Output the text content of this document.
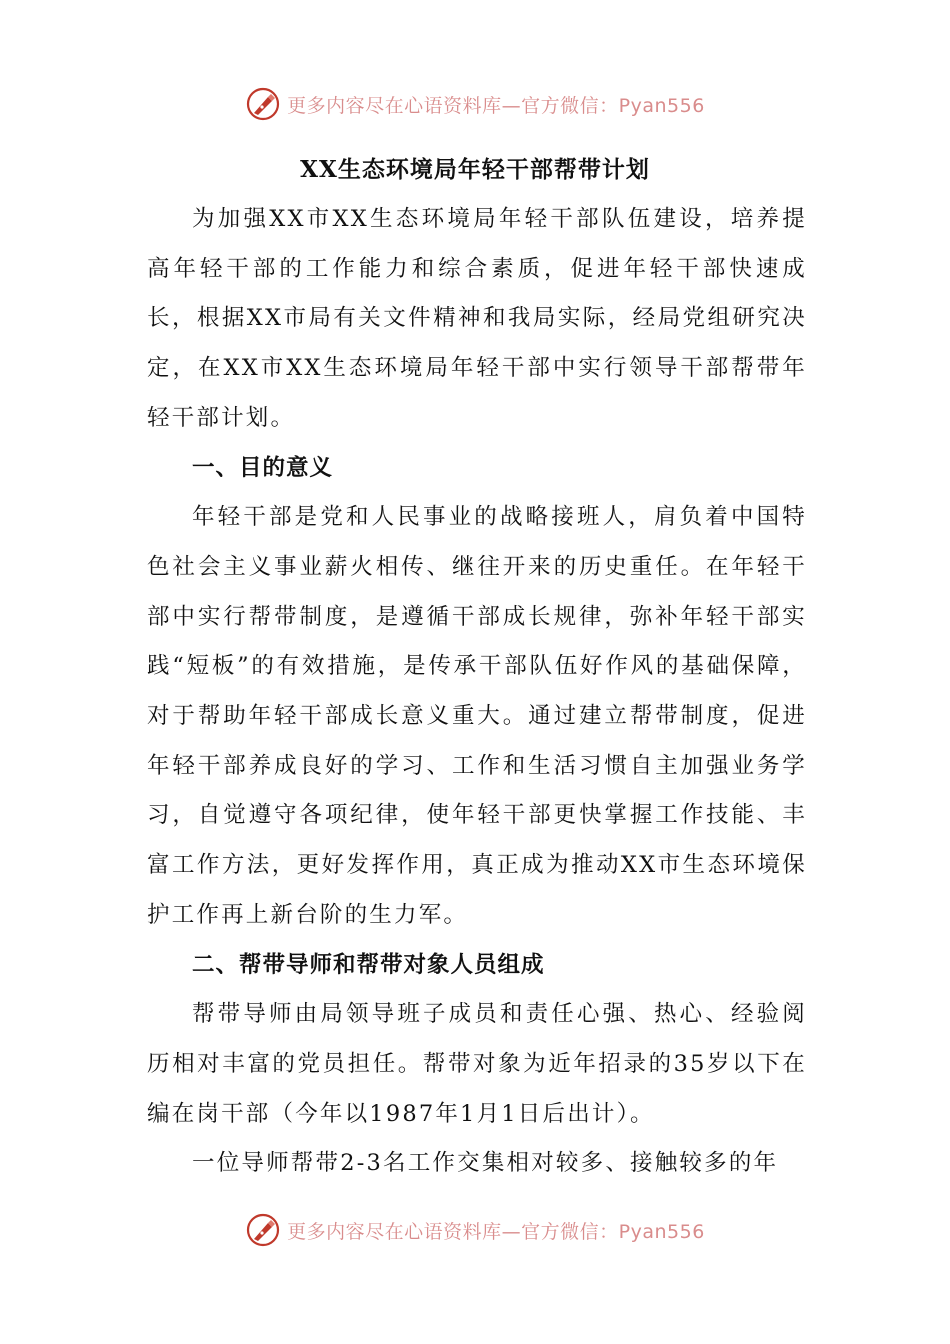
更多内容尽在心语资料库—官方微信：Pyan556
XX生态环境局年轻干部帮带计划

为加强XX市XX生态环境局年轻干部队伍建设，培养提高年轻干部的工作能力和综合素质，促进年轻干部快速成长，根据XX市局有关文件精神和我局实际，经局党组研究决定，在XX市XX生态环境局年轻干部中实行领导干部帮带年轻干部计划。

一、目的意义

年轻干部是党和人民事业的战略接班人，肩负着中国特色社会主义事业薪火相传、继往开来的历史重任。在年轻干部中实行帮带制度，是遵循干部成长规律，弥补年轻干部实践“短板”的有效措施，是传承干部队伍好作风的基础保障，对于帮助年轻干部成长意义重大。通过建立帮带制度，促进年轻干部养成良好的学习、工作和生活习惯自主加强业务学习，自觉遵守各项纪律，使年轻干部更快掌握工作技能、丰富工作方法，更好发挥作用，真正成为推动XX市生态环境保护工作再上新台阶的生力军。

二、帮带导师和帮带对象人员组成

帮带导师由局领导班子成员和责任心强、热心、经验阅历相对丰富的党员担任。帮带对象为近年招录的35岁以下在编在岗干部（今年以1987年1月1日后出计）。

一位导师帮带2-3名工作交集相对较多、接触较多的年

更多内容尽在心语资料库—官方微信：Pyan556
